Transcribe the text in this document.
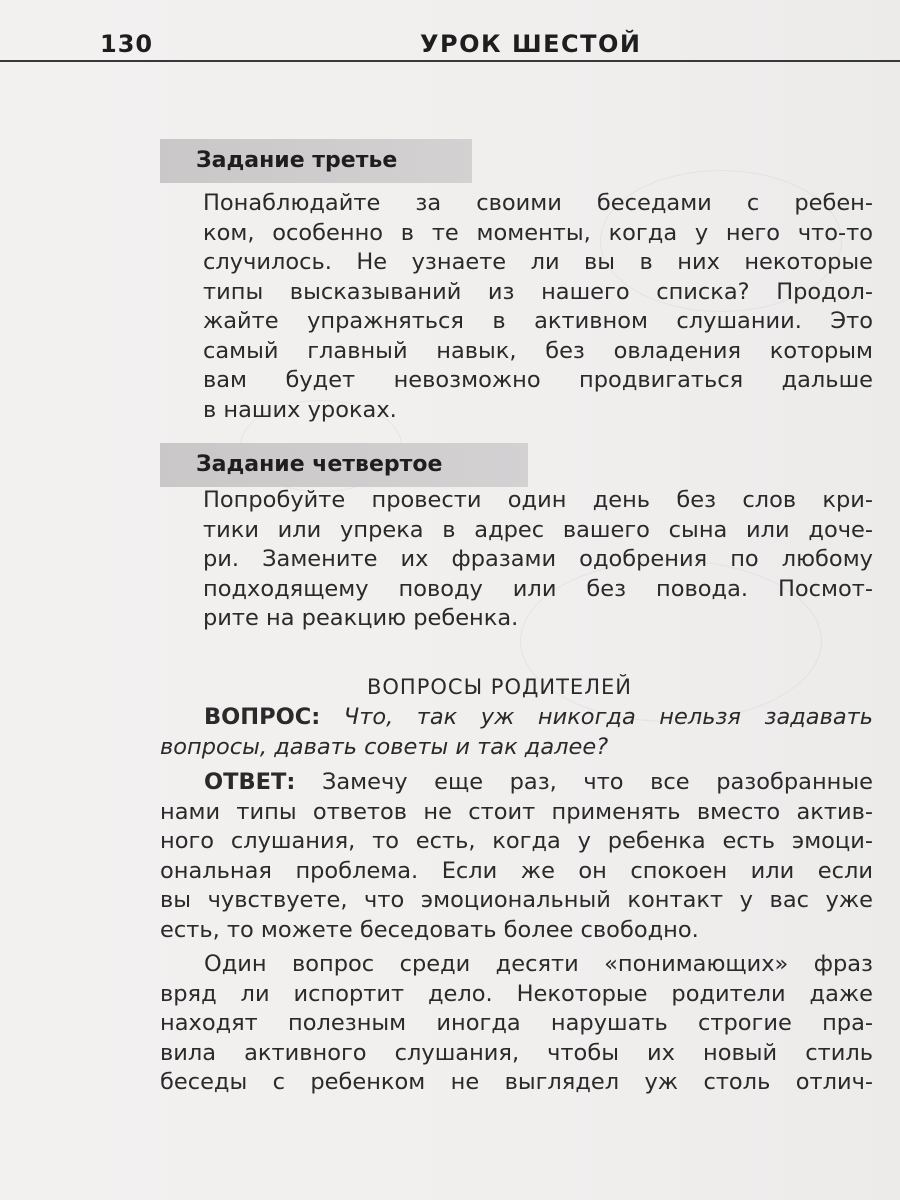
130	УРОК ШЕСТОЙ
Задание третье
Понаблюдайте за своими беседами с ребен-
ком, особенно в те моменты, когда у него что-то
случилось. Не узнаете ли вы в них некоторые
типы высказываний из нашего списка? Продол-
жайте упражняться в активном слушании. Это
самый главный навык, без овладения которым
вам будет невозможно продвигаться дальше
в наших уроках.
Задание четвертое
Попробуйте провести один день без слов кри-
тики или упрека в адрес вашего сына или доче-
ри. Замените их фразами одобрения по любому
подходящему поводу или без повода. Посмот-
рите на реакцию ребенка.
ВОПРОСЫ РОДИТЕЛЕЙ
ВОПРОС: Что, так уж никогда нельзя задавать
вопросы, давать советы и так далее?
ОТВЕТ: Замечу еще раз, что все разобранные
нами типы ответов не стоит применять вместо актив-
ного слушания, то есть, когда у ребенка есть эмоци-
ональная проблема. Если же он спокоен или если
вы чувствуете, что эмоциональный контакт у вас уже
есть, то можете беседовать более свободно.
Один вопрос среди десяти «понимающих» фраз
вряд ли испортит дело. Некоторые родители даже
находят полезным иногда нарушать строгие пра-
вила активного слушания, чтобы их новый стиль
беседы с ребенком не выглядел уж столь отлич-
